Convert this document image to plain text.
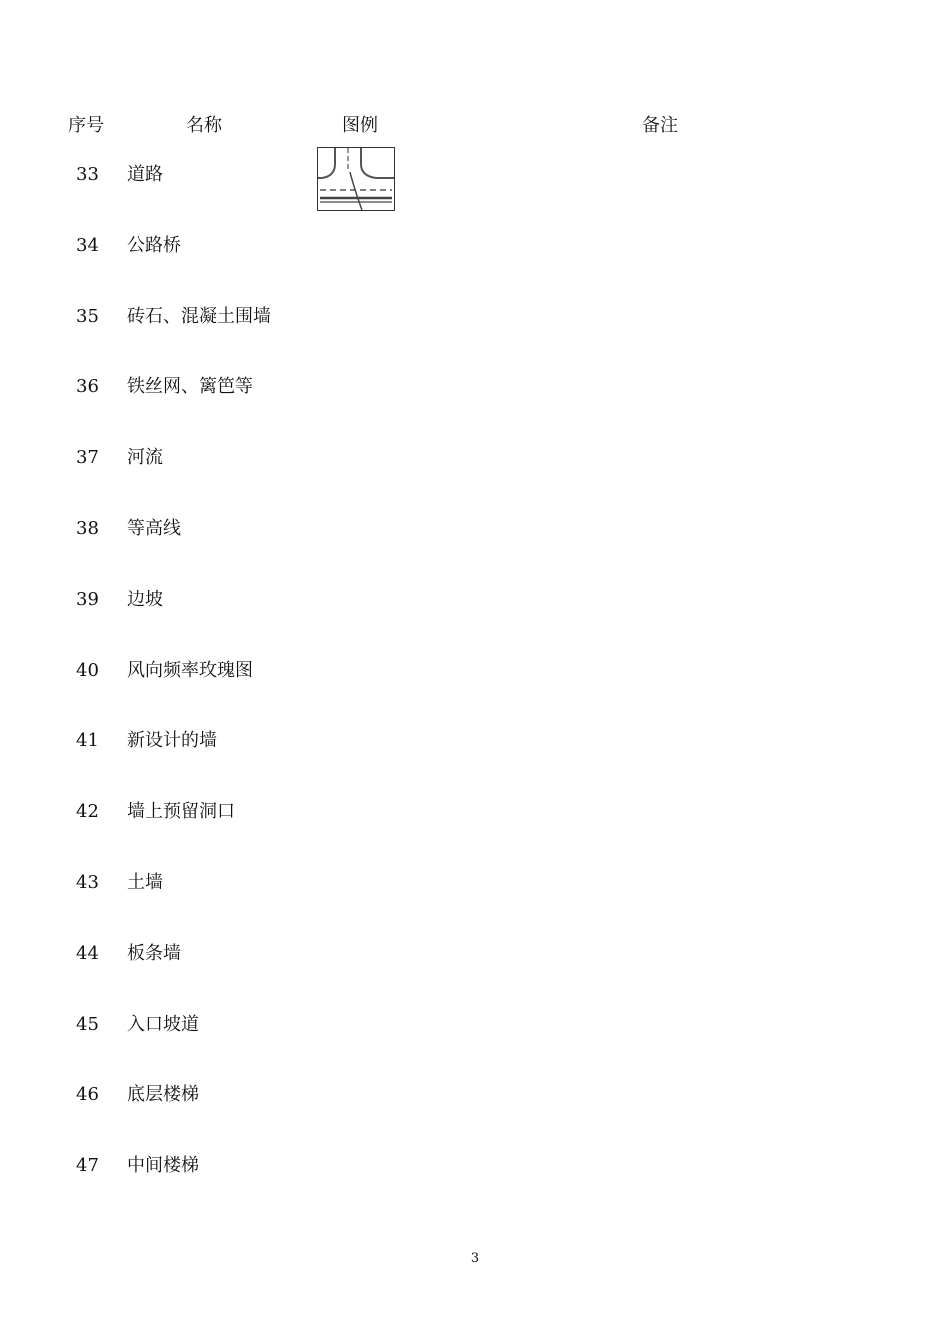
序号	名称	图例	备注
33 道路
34 公路桥
35 砖石、混凝土围墙
36 铁丝网、篱笆等
37 河流
38 等高线
39 边坡
40 风向频率玫瑰图
41 新设计的墙
42 墙上预留洞口
43 土墙
44 板条墙
45 入口坡道
46 底层楼梯
47 中间楼梯
3
